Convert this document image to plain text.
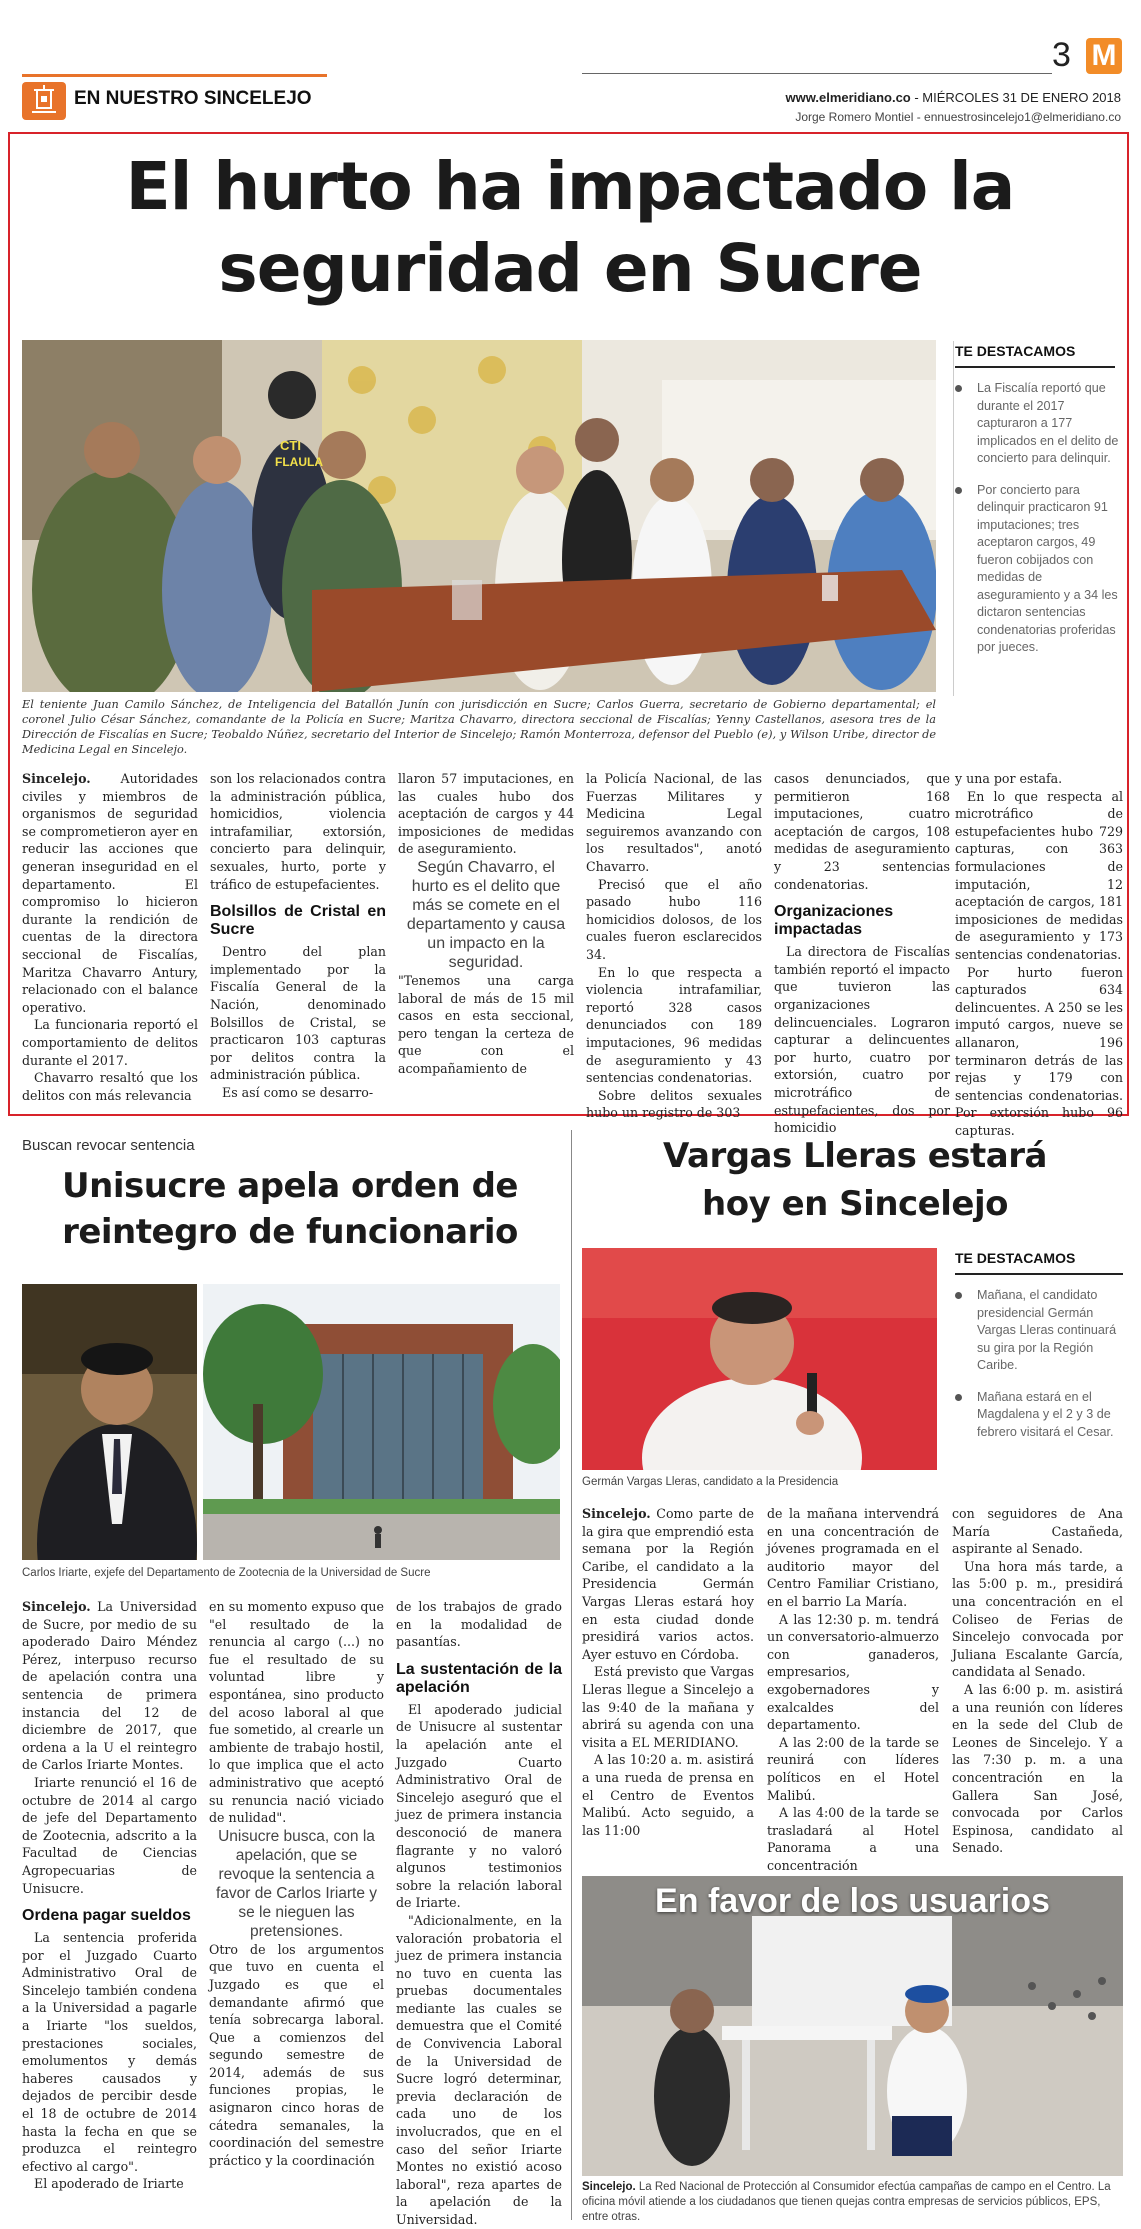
EN NUESTRO SINCELEJO
3 M
www.elmeridiano.co - MIÉRCOLES 31 DE ENERO 2018
Jorge Romero Montiel - ennuestrosincelejo1@elmeridiano.co
El hurto ha impactado la
seguridad en Sucre
CTI
FLAULA
El teniente Juan Camilo Sánchez, de Inteligencia del Batallón Junín con jurisdicción en Sucre; Carlos Guerra, secretario de Gobierno departamental; el coronel Julio César Sánchez, comandante de la Policía en Sucre; Maritza Chavarro, directora seccional de Fiscalías; Yenny Castellanos, asesora tres de la Dirección de Fiscalías en Sucre; Teobaldo Núñez, secretario del Interior de Sincelejo; Ramón Monterroza, defensor del Pueblo (e), y Wilson Uribe, director de Medicina Legal en Sincelejo.
TE DESTACAMOS
La Fiscalía reportó que durante el 2017 capturaron a 177 implicados en el delito de concierto para delinquir.
Por concierto para delinquir practicaron 91 imputaciones; tres aceptaron cargos, 49 fueron cobijados con medidas de aseguramiento y a 34 les dictaron sentencias condenatorias proferidas por jueces.

Sincelejo. Autoridades civiles y miembros de organismos de seguridad se comprometieron ayer en reducir las acciones que generan inseguridad en el departamento. El compromiso lo hicieron durante la rendición de cuentas de la directora seccional de Fiscalías, Maritza Chavarro Antury, relacionado con el balance operativo.

La funcionaria reportó el comportamiento de delitos durante el 2017.

Chavarro resaltó que los delitos con más relevancia

son los relacionados contra la administración pública, homicidios, violencia intrafamiliar, extorsión, concierto para delinquir, sexuales, hurto, porte y tráfico de estupefacientes.

Bolsillos de Cristal en Sucre

Dentro del plan implementado por la Fiscalía General de la Nación, denominado Bolsillos de Cristal, se practicaron 103 capturas por delitos contra la administración pública.

Es así como se desarro-

llaron 57 imputaciones, en las cuales hubo dos aceptación de cargos y 44 imposiciones de medidas de aseguramiento.

Según Chavarro, el hurto es el delito que más se comete en el departamento y causa un impacto en la seguridad.

"Tenemos una carga laboral de más de 15 mil casos en esta seccional, pero tengan la certeza de que con el acompañamiento de

la Policía Nacional, de las Fuerzas Militares y Medicina Legal seguiremos avanzando con los resultados", anotó Chavarro.

Precisó que el año pasado hubo 116 homicidios dolosos, de los cuales fueron esclarecidos 34.

En lo que respecta a violencia intrafamiliar, reportó 328 casos denunciados con 189 imputaciones, 96 medidas de aseguramiento y 43 sentencias condenatorias.

Sobre delitos sexuales hubo un registro de 303

casos denunciados, que permitieron 168 imputaciones, cuatro aceptación de cargos, 108 medidas de aseguramiento y 23 sentencias condenatorias.

Organizaciones impactadas

La directora de Fiscalías también reportó el impacto que tuvieron las organizaciones delincuenciales. Lograron capturar a delincuentes por hurto, cuatro por extorsión, cuatro por microtráfico de estupefacientes, dos por homicidio

y una por estafa.

En lo que respecta al microtráfico de estupefacientes hubo 729 capturas, con 363 formulaciones de imputación, 12 aceptación de cargos, 181 imposiciones de medidas de aseguramiento y 173 sentencias condenatorias.

Por hurto fueron capturados 634 delincuentes. A 250 se les imputó cargos, nueve se allanaron, 196 terminaron detrás de las rejas y 179 con sentencias condenatorias. Por extorsión hubo 96 capturas.

Buscan revocar sentencia
Unisucre apela orden de
reintegro de funcionario
Carlos Iriarte, exjefe del Departamento de Zootecnia de la Universidad de Sucre

Sincelejo. La Universidad de Sucre, por medio de su apoderado Dairo Méndez Pérez, interpuso recurso de apelación contra una sentencia de primera instancia del 12 de diciembre de 2017, que ordena a la U el reintegro de Carlos Iriarte Montes.

Iriarte renunció el 16 de octubre de 2014 al cargo de jefe del Departamento de Zootecnia, adscrito a la Facultad de Ciencias Agropecuarias de Unisucre.

Ordena pagar sueldos

La sentencia proferida por el Juzgado Cuarto Administrativo Oral de Sincelejo también condena a la Universidad a pagarle a Iriarte "los sueldos, prestaciones sociales, emolumentos y demás haberes causados y dejados de percibir desde el 18 de octubre de 2014 hasta la fecha en que se produzca el reintegro efectivo al cargo".

El apoderado de Iriarte

en su momento expuso que "el resultado de la renuncia al cargo (...) no fue el resultado de su voluntad libre y espontánea, sino producto del acoso laboral al que fue sometido, al crearle un ambiente de trabajo hostil, lo que implica que el acto administrativo que aceptó su renuncia nació viciado de nulidad".

Unisucre busca, con la apelación, que se revoque la sentencia a favor de Carlos Iriarte y se le nieguen las pretensiones.

Otro de los argumentos que tuvo en cuenta el Juzgado es que el demandante afirmó que tenía sobrecarga laboral. Que a comienzos del segundo semestre de 2014, además de sus funciones propias, le asignaron cinco horas de cátedra semanales, la coordinación del semestre práctico y la coordinación

de los trabajos de grado en la modalidad de pasantías.

La sustentación de la apelación

El apoderado judicial de Unisucre al sustentar la apelación ante el Juzgado Cuarto Administrativo Oral de Sincelejo aseguró que el juez de primera instancia desconoció de manera flagrante y no valoró algunos testimonios sobre la relación laboral de Iriarte.

"Adicionalmente, en la valoración probatoria el juez de primera instancia no tuvo en cuenta las pruebas documentales mediante las cuales se demuestra que el Comité de Convivencia Laboral de la Universidad de Sucre logró determinar, previa declaración de cada uno de los involucrados, que en el caso del señor Iriarte Montes no existió acoso laboral", reza apartes de la apelación de la Universidad.

Vargas Lleras estará
hoy en Sincelejo
Germán Vargas Lleras, candidato a la Presidencia
TE DESTACAMOS
Mañana, el candidato presidencial Germán Vargas Lleras continuará su gira por la Región Caribe.
Mañana estará en el Magdalena y el 2 y 3 de febrero visitará el Cesar.

Sincelejo. Como parte de la gira que emprendió esta semana por la Región Caribe, el candidato a la Presidencia Germán Vargas Lleras estará hoy en esta ciudad donde presidirá varios actos. Ayer estuvo en Córdoba.

Está previsto que Vargas Lleras llegue a Sincelejo a las 9:40 de la mañana y abrirá su agenda con una visita a EL MERIDIANO.

A las 10:20 a. m. asistirá a una rueda de prensa en el Centro de Eventos Malibú. Acto seguido, a las 11:00

de la mañana intervendrá en una concentración de jóvenes programada en el auditorio mayor del Centro Familiar Cristiano, en el barrio La María.

A las 12:30 p. m. tendrá un conversatorio-almuerzo con ganaderos, empresarios, exgobernadores y exalcaldes del departamento.

A las 2:00 de la tarde se reunirá con líderes políticos en el Hotel Malibú.

A las 4:00 de la tarde se trasladará al Hotel Panorama a una concentración

con seguidores de Ana María Castañeda, aspirante al Senado.

Una hora más tarde, a las 5:00 p. m., presidirá una concentración en el Coliseo de Ferias de Sincelejo convocada por Juliana Escalante García, candidata al Senado.

A las 6:00 p. m. asistirá a una reunión con líderes en la sede del Club de Leones de Sincelejo. Y a las 7:30 p. m. a una concentración en la Gallera San José, convocada por Carlos Espinosa, candidato al Senado.

En favor de los usuarios
Sincelejo. La Red Nacional de Protección al Consumidor efectúa campañas de campo en el Centro. La oficina móvil atiende a los ciudadanos que tienen quejas contra empresas de servicios públicos, EPS, entre otras.
